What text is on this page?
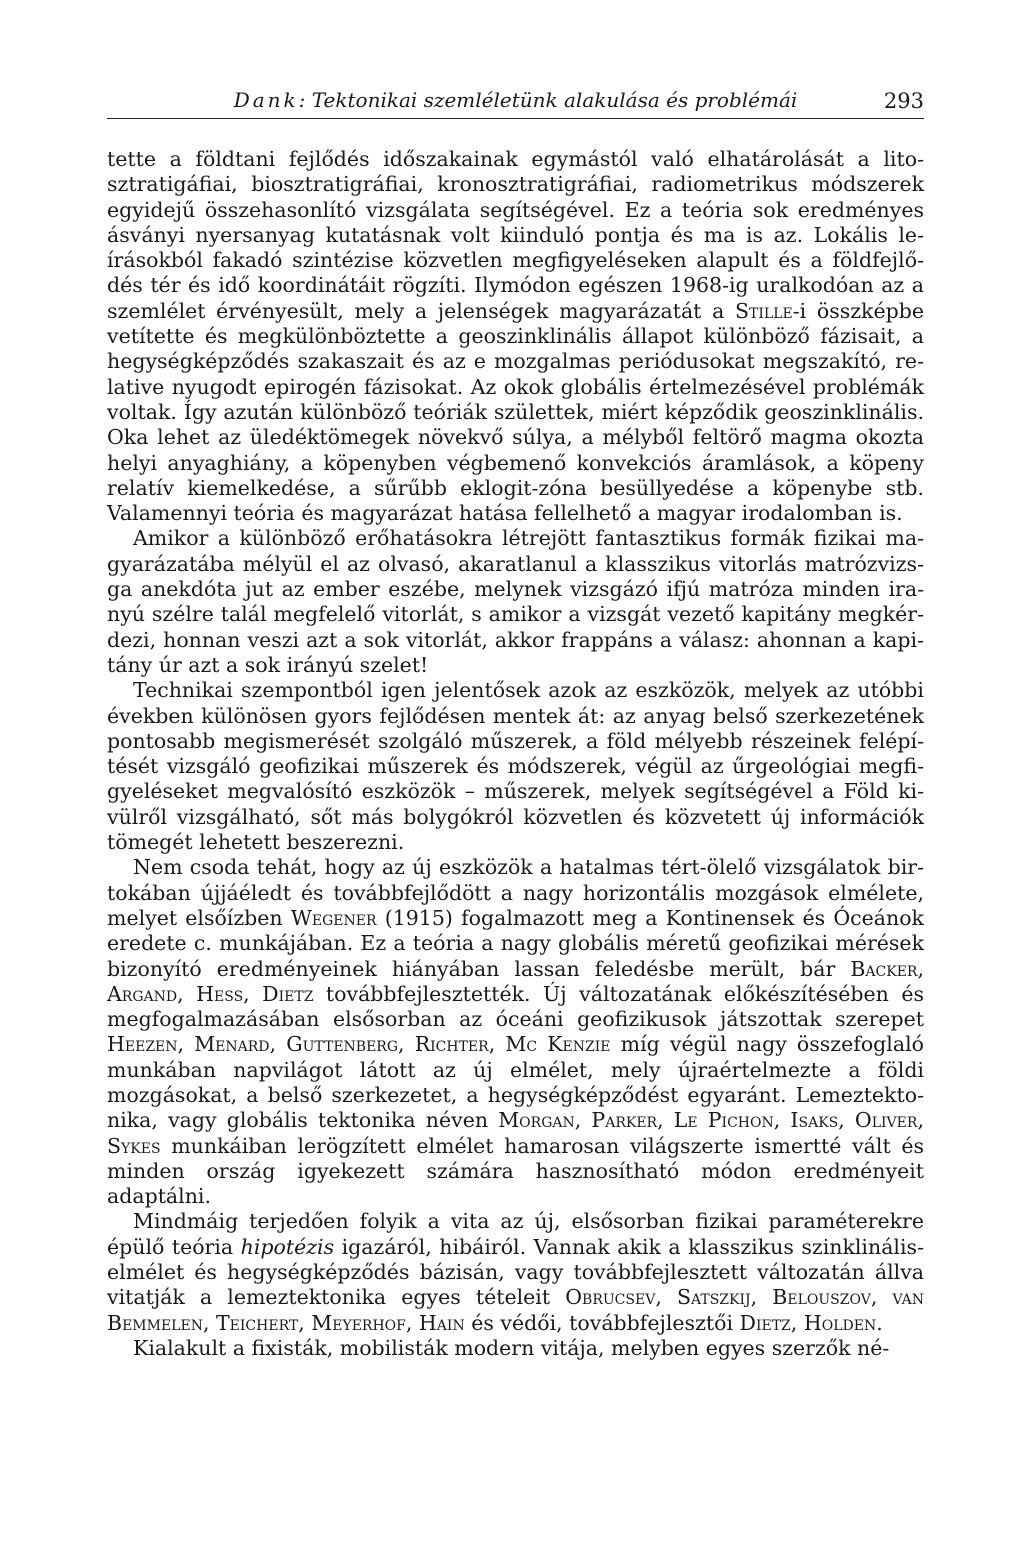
Dank: Tektonikai szemléletünk alakulása és problémái	293

tette a földtani fejlődés időszakainak egymástól való elhatárolását a litosztratigáfiai, biosztratigráfiai, kronosztratigráfiai, radiometrikus módszerek egyidejű összehasonlító vizsgálata segítségével. Ez a teória sok eredményes ásványi nyersanyag kutatásnak volt kiinduló pontja és ma is az. Lokális leírásokból fakadó szintézise közvetlen megfigyeléseken alapult és a földfejlődés tér és idő koordinátáit rögzíti. Ilymódon egészen 1968-ig uralkodóan az a szemlélet érvényesült, mely a jelenségek magyarázatát a Stille-i összképbe vetítette és megkülönböztette a geoszinklinális állapot különböző fázisait, a hegységképződés szakaszait és az e mozgalmas periódusokat megszakító, relative nyugodt epirogén fázisokat. Az okok globális értelmezésével problémák voltak. Így azután különböző teóriák születtek, miért képződik geoszinklinális. Oka lehet az üledéktömegek növekvő súlya, a mélyből feltörő magma okozta helyi anyaghiány, a köpenyben végbemenő konvekciós áramlások, a köpeny relatív kiemelkedése, a sűrűbb eklogit-zóna besüllyedése a köpenybe stb. Valamennyi teória és magyarázat hatása fellelhető a magyar irodalomban is.

Amikor a különböző erőhatásokra létrejött fantasztikus formák fizikai magyarázatába mélyül el az olvasó, akaratlanul a klasszikus vitorlás matrózvizsga anekdóta jut az ember eszébe, melynek vizsgázó ifjú matróza minden iranyú szélre talál megfelelő vitorlát, s amikor a vizsgát vezető kapitány megkérdezi, honnan veszi azt a sok vitorlát, akkor frappáns a válasz: ahonnan a kapitány úr azt a sok irányú szelet!

Technikai szempontból igen jelentősek azok az eszközök, melyek az utóbbi években különösen gyors fejlődésen mentek át: az anyag belső szerkezetének pontosabb megismerését szolgáló műszerek, a föld mélyebb részeinek felépítését vizsgáló geofizikai műszerek és módszerek, végül az űrgeológiai megfigyeléseket megvalósító eszközök – műszerek, melyek segítségével a Föld kivülről vizsgálható, sőt más bolygókról közvetlen és közvetett új információk tömegét lehetett beszerezni.

Nem csoda tehát, hogy az új eszközök a hatalmas tért-ölelő vizsgálatok birtokában újjáéledt és továbbfejlődött a nagy horizontális mozgások elmélete, melyet elsőízben Wegener (1915) fogalmazott meg a Kontinensek és Óceánok eredete c. munkájában. Ez a teória a nagy globális méretű geofizikai mérések bizonyító eredményeinek hiányában lassan feledésbe merült, bár Backer, Argand, Hess, Dietz továbbfejlesztették. Új változatának előkészítésében és megfogalmazásában elsősorban az óceáni geofizikusok játszottak szerepet Heezen, Menard, Guttenberg, Richter, Mc Kenzie míg végül nagy összefoglaló munkában napvilágot látott az új elmélet, mely újraértelmezte a földi mozgásokat, a belső szerkezetet, a hegységképződést egyaránt. Lemeztektonika, vagy globális tektonika néven Morgan, Parker, Le Pichon, Isaks, Oliver, Sykes munkáiban lerögzített elmélet hamarosan világszerte ismertté vált és minden ország igyekezett számára hasznosítható módon eredményeit adaptálni.

Mindmáig terjedően folyik a vita az új, elsősorban fizikai paraméterekre épülő teória hipotézis igazáról, hibáiról. Vannak akik a klasszikus szinklináliselmélet és hegységképződés bázisán, vagy továbbfejlesztett változatán állva vitatják a lemeztektonika egyes tételeit Obrucsev, Satszkij, Belouszov, van Bemmelen, Teichert, Meyerhof, Hain és védői, továbbfejlesztői Dietz, Holden.

Kialakult a fixisták, mobilisták modern vitája, melyben egyes szerzők né-
